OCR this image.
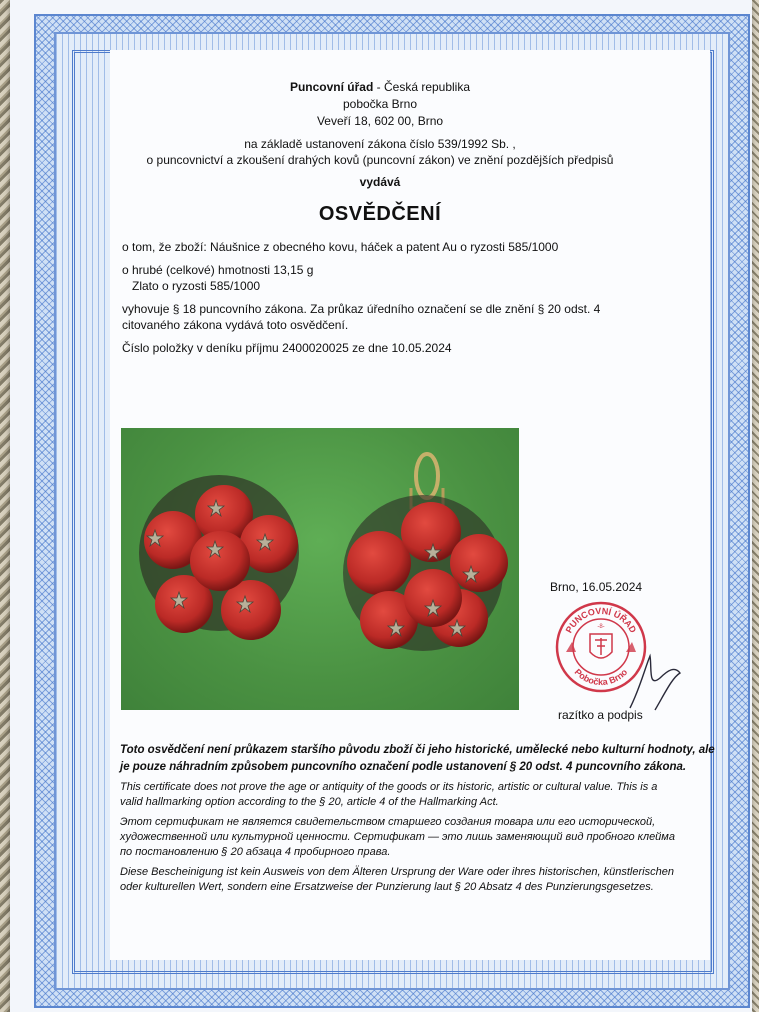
Puncovní úřad - Česká republika
pobočka Brno
Veveří 18, 602 00, Brno
na základě ustanovení zákona číslo 539/1992 Sb. ,
o puncovnictví a zkoušení drahých kovů (puncovní zákon) ve znění pozdějších předpisů
vydává
OSVĚDČENÍ
o tom, že zboží: Náušnice z obecného kovu, háček a patent Au o ryzosti 585/1000
o hrubé (celkové) hmotnosti 13,15 g
Zlato o ryzosti 585/1000
vyhovuje § 18 puncovního zákona. Za průkaz úředního označení se dle znění § 20 odst. 4
citovaného zákona vydává toto osvědčení.
Číslo položky v deníku příjmu 2400020025 ze dne 10.05.2024
Brno, 16.05.2024
PUNCOVNÍ ÚŘAD
Pobočka Brno
-8-
razítko a podpis
Toto osvědčení není průkazem staršího původu zboží či jeho historické, umělecké nebo kulturní hodnoty, ale
je pouze náhradním způsobem puncovního označení podle ustanovení § 20 odst. 4 puncovního zákona.
This certificate does not prove the age or antiquity of the goods or its historic, artistic or cultural value. This is a valid hallmarking option according to the § 20, article 4 of the Hallmarking Act.
Этот сертификат не является свидетельством старшего создания товара или его исторической, художественной или культурной ценности. Сертификат — это лишь заменяющий вид пробного клейма по постановлению § 20 абзаца 4 пробирного права.
Diese Bescheinigung ist kein Ausweis von dem Älteren Ursprung der Ware oder ihres historischen, künstlerischen oder kulturellen Wert, sondern eine Ersatzweise der Punzierung laut § 20 Absatz 4 des Punzierungsgesetzes.
